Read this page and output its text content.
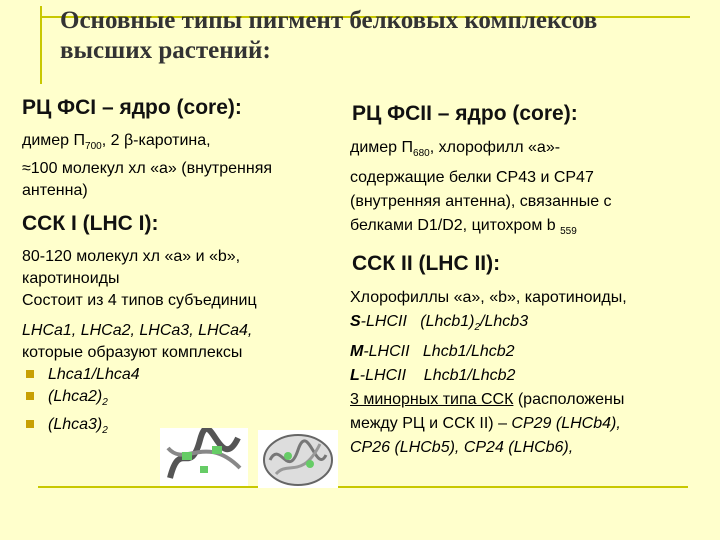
Основные типы пигмент белковых комплексов
высших растений:
РЦ ФСI – ядро (core):
димер $П_{700}$, 2 β-каротина,
≈100 молекул хл «а» (внутренняя
антенна)
ССК I (LHC I):
80-120 молекул хл «а» и «b»,
каротиноиды
Состоит из 4 типов субъединиц
LHCa1, LHCa2, LHCa3, LHCa4,
которые образуют комплексы
Lhca1/Lhca4
$(Lhca2)_2$
$(Lhca3)_2$
РЦ ФСII – ядро (core):
димер $П_{680}$, хлорофилл «а»-
содержащие белки СР43 и СР47
(внутренняя антенна), связанные с
белками D1/D2, цитохром b $_{559}$
ССК II (LHC II):
Хлорофиллы «а», «b», каротиноиды,
S-LHCII   $(Lhcb1)_2/Lhcb3$
M-LHCII   Lhcb1/Lhcb2
L-LHCII    Lhcb1/Lhcb2
3 минорных типа ССК (расположены
между РЦ и ССК II) – СР29 (LHCb4),
СР26 (LHCb5), СР24 (LHCb6),
